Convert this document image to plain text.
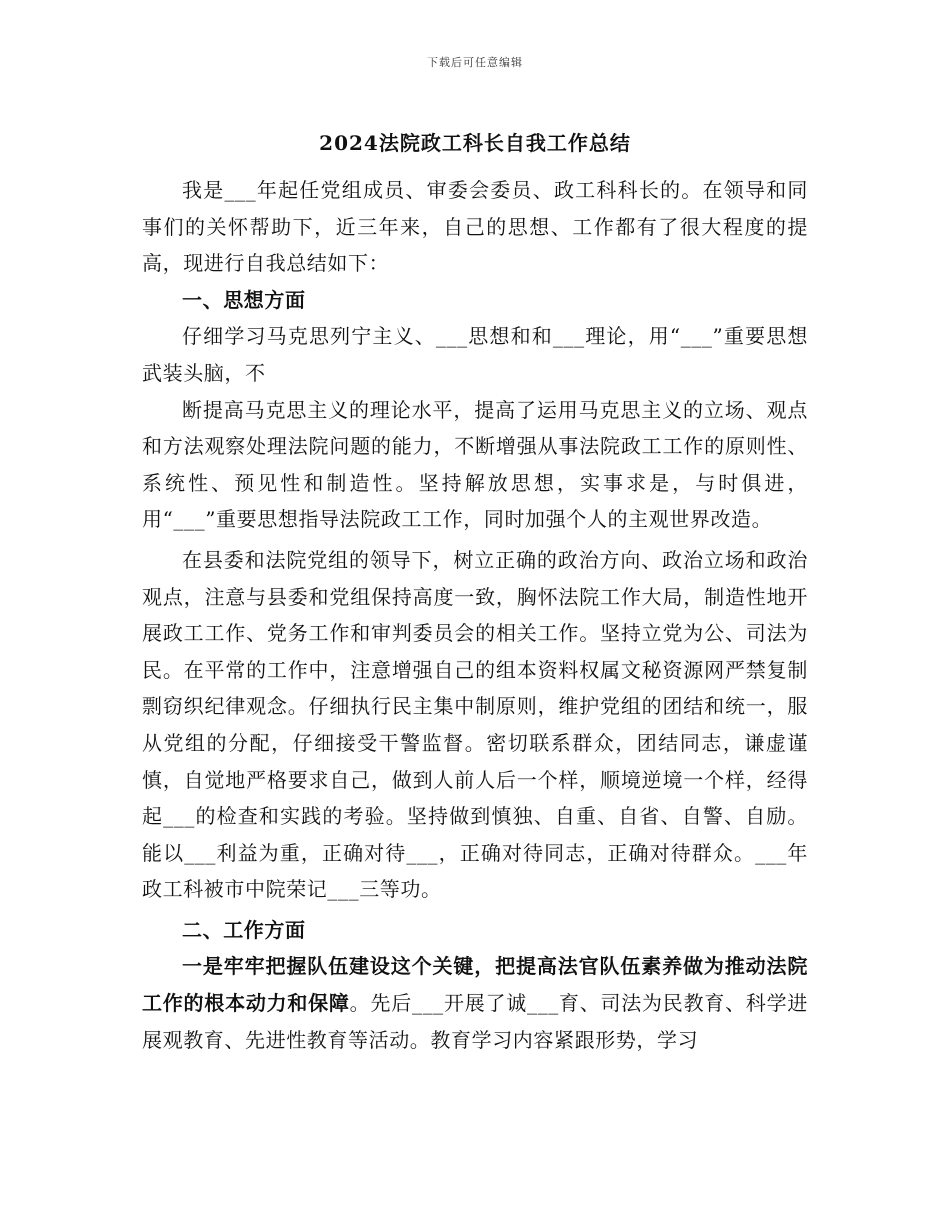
下载后可任意编辑
2024法院政工科长自我工作总结

我是___年起任党组成员、审委会委员、政工科科长的。在领导和同事们的关怀帮助下，近三年来，自己的思想、工作都有了很大程度的提高，现进行自我总结如下：

一、思想方面

仔细学习马克思列宁主义、___思想和和___理论，用“___”重要思想武装头脑，不

断提高马克思主义的理论水平，提高了运用马克思主义的立场、观点和方法观察处理法院问题的能力，不断增强从事法院政工工作的原则性、系统性、预见性和制造性。坚持解放思想，实事求是，与时俱进，用“___”重要思想指导法院政工工作，同时加强个人的主观世界改造。

在县委和法院党组的领导下，树立正确的政治方向、政治立场和政治观点，注意与县委和党组保持高度一致，胸怀法院工作大局，制造性地开展政工工作、党务工作和审判委员会的相关工作。坚持立党为公、司法为民。在平常的工作中，注意增强自己的组本资料权属文秘资源网严禁复制剽窃织纪律观念。仔细执行民主集中制原则，维护党组的团结和统一，服从党组的分配，仔细接受干警监督。密切联系群众，团结同志，谦虚谨慎，自觉地严格要求自己，做到人前人后一个样，顺境逆境一个样，经得起___的检查和实践的考验。坚持做到慎独、自重、自省、自警、自励。能以___利益为重，正确对待___，正确对待同志，正确对待群众。___年政工科被市中院荣记___三等功。

二、工作方面

一是牢牢把握队伍建设这个关键，把提高法官队伍素养做为推动法院工作的根本动力和保障。先后___开展了诚___育、司法为民教育、科学进展观教育、先进性教育等活动。教育学习内容紧跟形势，学习
